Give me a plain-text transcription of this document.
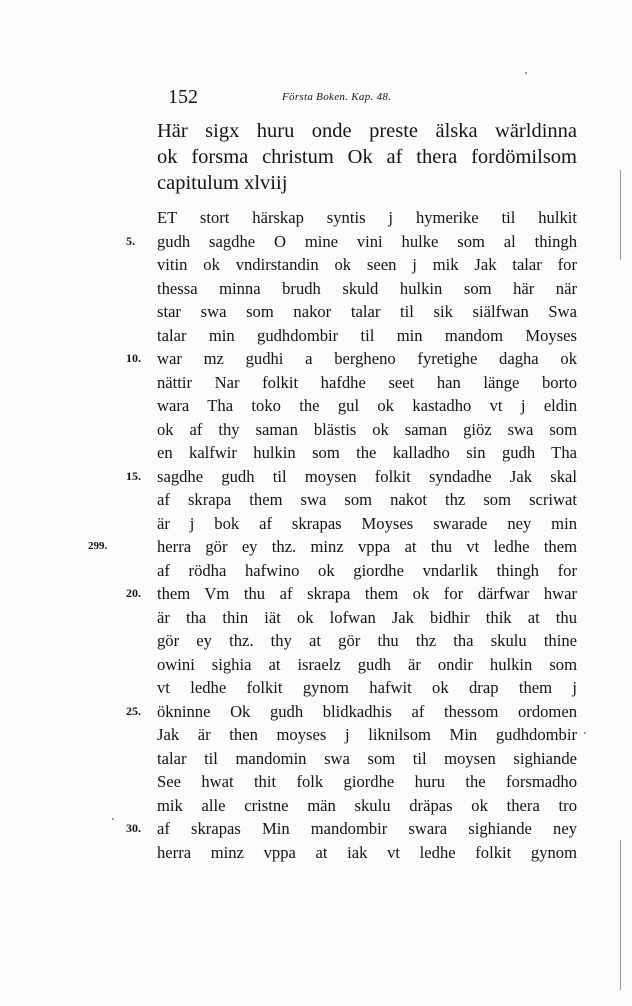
152	Första Boken. Kap. 48.
Här sigx huru onde preste älska wärldinna
ok forsma christum Ok af thera fordömilsom
capitulum xlviij
ET stort härskap syntis j hymerike til hulkit
gudh sagdhe O mine vini hulke som al thingh
5.
vitin ok vndirstandin ok seen j mik Jak talar for
thessa minna brudh skuld hulkin som här när
star swa som nakor talar til sik siälfwan Swa
talar min gudhdombir til min mandom Moyses
war mz gudhi a bergheno fyretighe dagha ok
10.
nättir Nar folkit hafdhe seet han länge borto
wara Tha toko the gul ok kastadho vt j eldin
ok af thy saman blästis ok saman giöz swa som
en kalfwir hulkin som the kalladho sin gudh Tha
sagdhe gudh til moysen folkit syndadhe Jak skal
15.
af skrapa them swa som nakot thz som scriwat
är j bok af skrapas Moyses swarade ney min
herra gör ey thz. minz vppa at thu vt ledhe them
299.
af rödha hafwino ok giordhe vndarlik thingh for
them Vm thu af skrapa them ok for därfwar hwar
20.
är tha thin iät ok lofwan Jak bidhir thik at thu
gör ey thz. thy at gör thu thz tha skulu thine
owini sighia at israelz gudh är ondir hulkin som
vt ledhe folkit gynom hafwit ok drap them j
ökninne Ok gudh blidkadhis af thessom ordomen
25.
Jak är then moyses j liknilsom Min gudhdombir
talar til mandomin swa som til moysen sighiande
See hwat thit folk giordhe huru the forsmadho
mik alle cristne män skulu dräpas ok thera tro
af skrapas Min mandombir swara sighiande ney
30.
herra minz vppa at iak vt ledhe folkit gynom
